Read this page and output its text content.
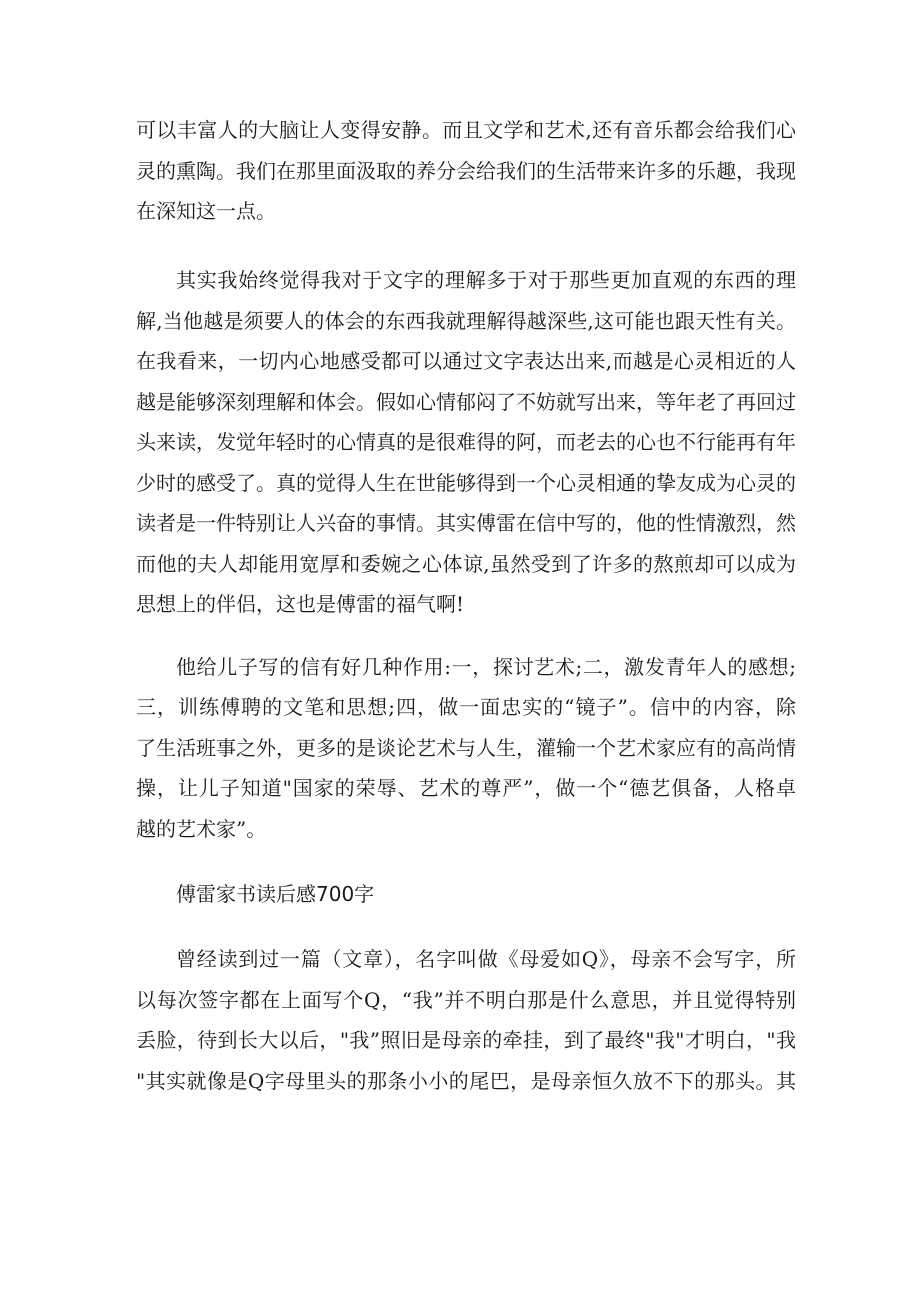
可以丰富人的大脑让人变得安静。而且文学和艺术,还有音乐都会给我们心
灵的熏陶。我们在那里面汲取的养分会给我们的生活带来许多的乐趣，我现
在深知这一点。
其实我始终觉得我对于文字的理解多于对于那些更加直观的东西的理
解,当他越是须要人的体会的东西我就理解得越深些,这可能也跟天性有关。
在我看来，一切内心地感受都可以通过文字表达出来,而越是心灵相近的人
越是能够深刻理解和体会。假如心情郁闷了不妨就写出来，等年老了再回过
头来读，发觉年轻时的心情真的是很难得的阿，而老去的心也不行能再有年
少时的感受了。真的觉得人生在世能够得到一个心灵相通的挚友成为心灵的
读者是一件特别让人兴奋的事情。其实傅雷在信中写的，他的性情激烈，然
而他的夫人却能用宽厚和委婉之心体谅,虽然受到了许多的熬煎却可以成为
思想上的伴侣，这也是傅雷的福气啊!
他给儿子写的信有好几种作用:一，探讨艺术;二，激发青年人的感想;
三，训练傅聘的文笔和思想;四，做一面忠实的“镜子”。信中的内容，除
了生活班事之外，更多的是谈论艺术与人生，灌输一个艺术家应有的高尚情
操，让儿子知道"国家的荣辱、艺术的尊严”，做一个“德艺俱备，人格卓
越的艺术家”。
傅雷家书读后感700字
曾经读到过一篇（文章），名字叫做《母爱如Q》，母亲不会写字，所
以每次签字都在上面写个Q，“我”并不明白那是什么意思，并且觉得特别
丢脸，待到长大以后，"我”照旧是母亲的牵挂，到了最终"我"才明白，"我
"其实就像是Q字母里头的那条小小的尾巴，是母亲恒久放不下的那头。其
